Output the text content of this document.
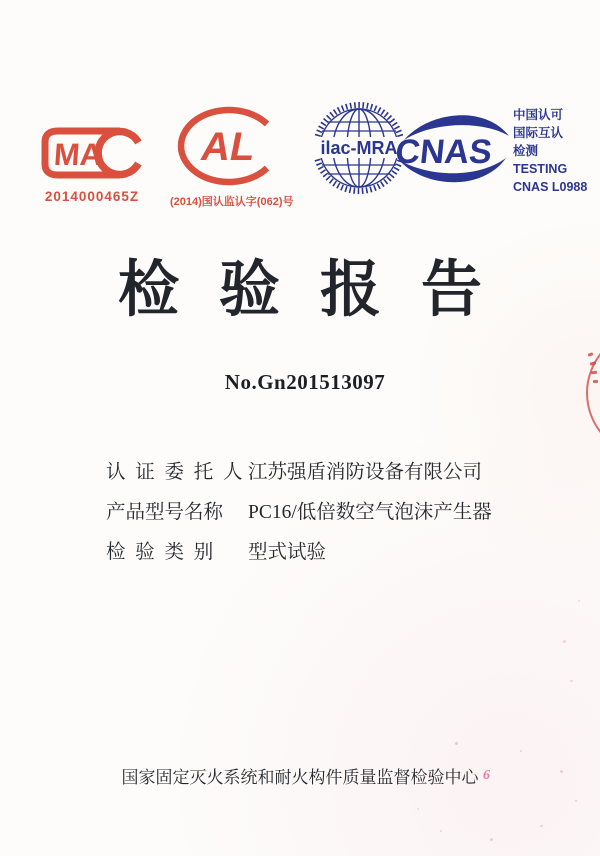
MA
2014000465Z
AL
(2014)国认监认字(062)号
ilac-MRA
CNAS
中国认可
国际互认
检测
TESTING
CNAS L0988
检验报告
No.Gn201513097
认  证  委  托  人 江苏强盾消防设备有限公司
产品型号名称	PC16/低倍数空气泡沫产生器
检  验  类  别	型式试验
国家固定灭火系统和耐火构件质量监督检验中心 6
